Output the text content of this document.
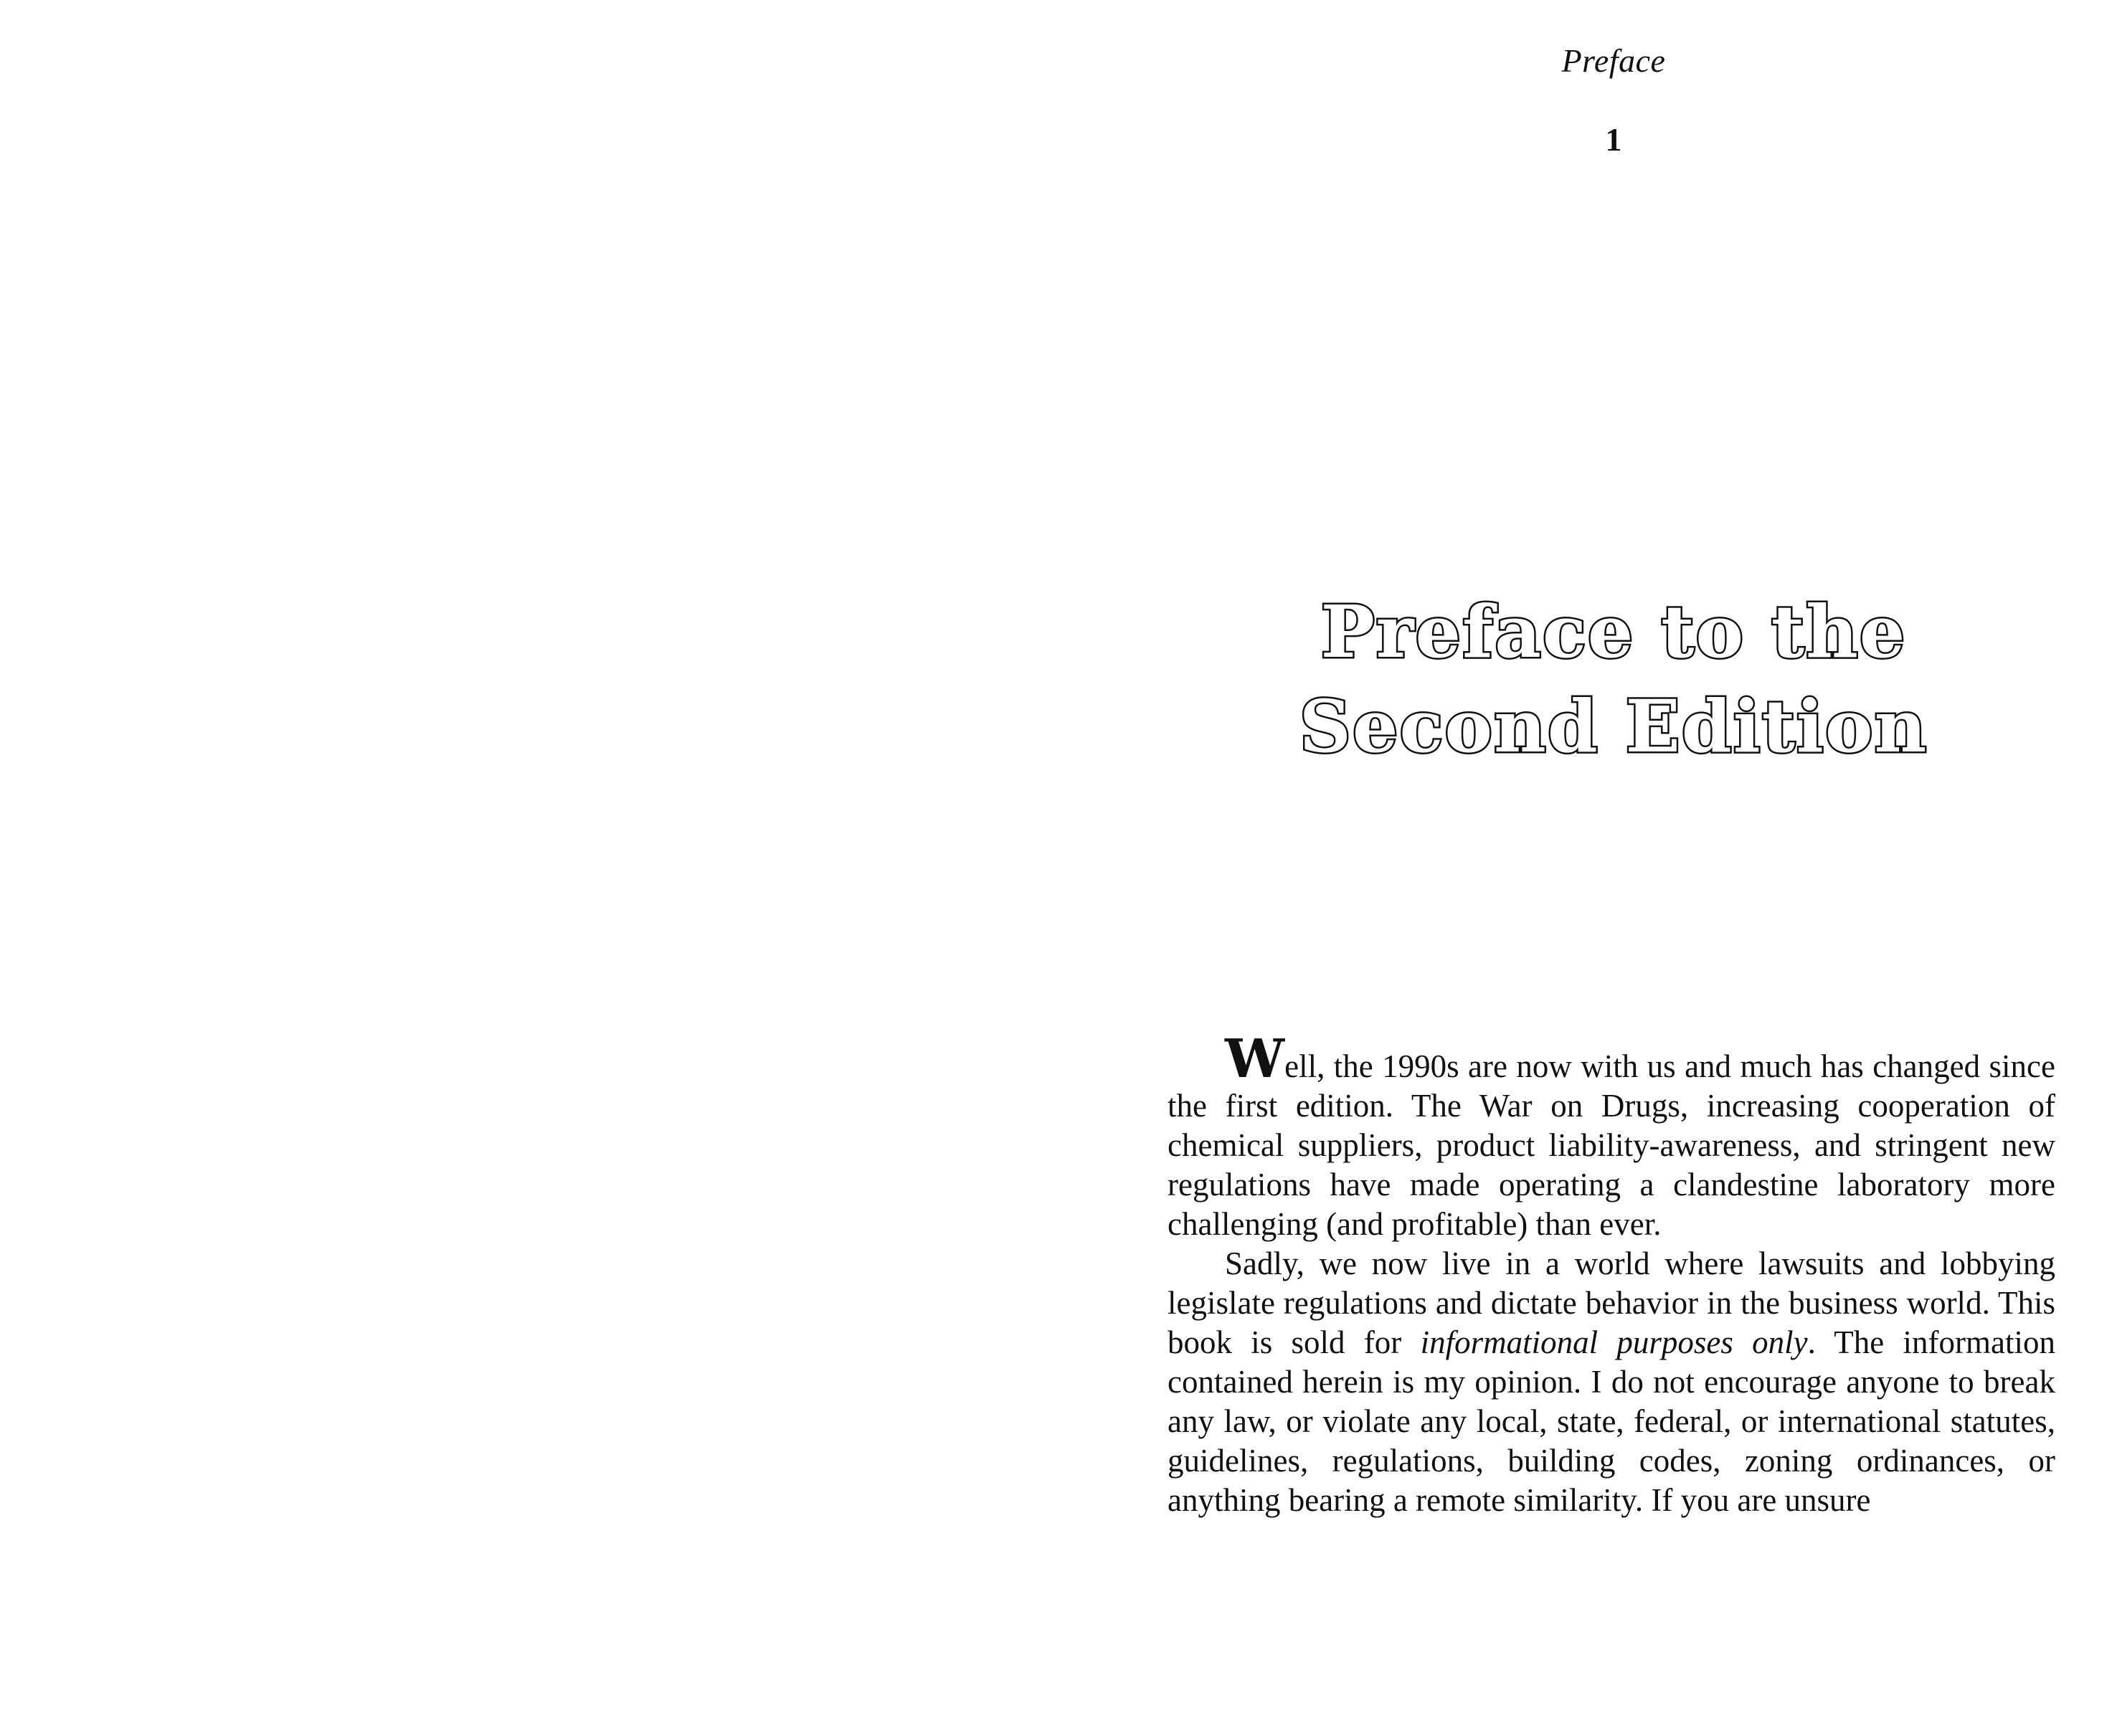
Preface
1
Preface to the
Second Edition

Well, the 1990s are now with us and much has changed since the first edition. The War on Drugs, increasing cooperation of chemical suppliers, product liability-awareness, and stringent new regulations have made operating a clandestine laboratory more challenging (and profitable) than ever.

Sadly, we now live in a world where lawsuits and lobbying legislate regulations and dictate behavior in the business world. This book is sold for informational purposes only. The information contained herein is my opinion. I do not encourage anyone to break any law, or violate any local, state, federal, or international statutes, guidelines, regulations, building codes, zoning ordinances, or anything bearing a remote similarity. If you are unsure
